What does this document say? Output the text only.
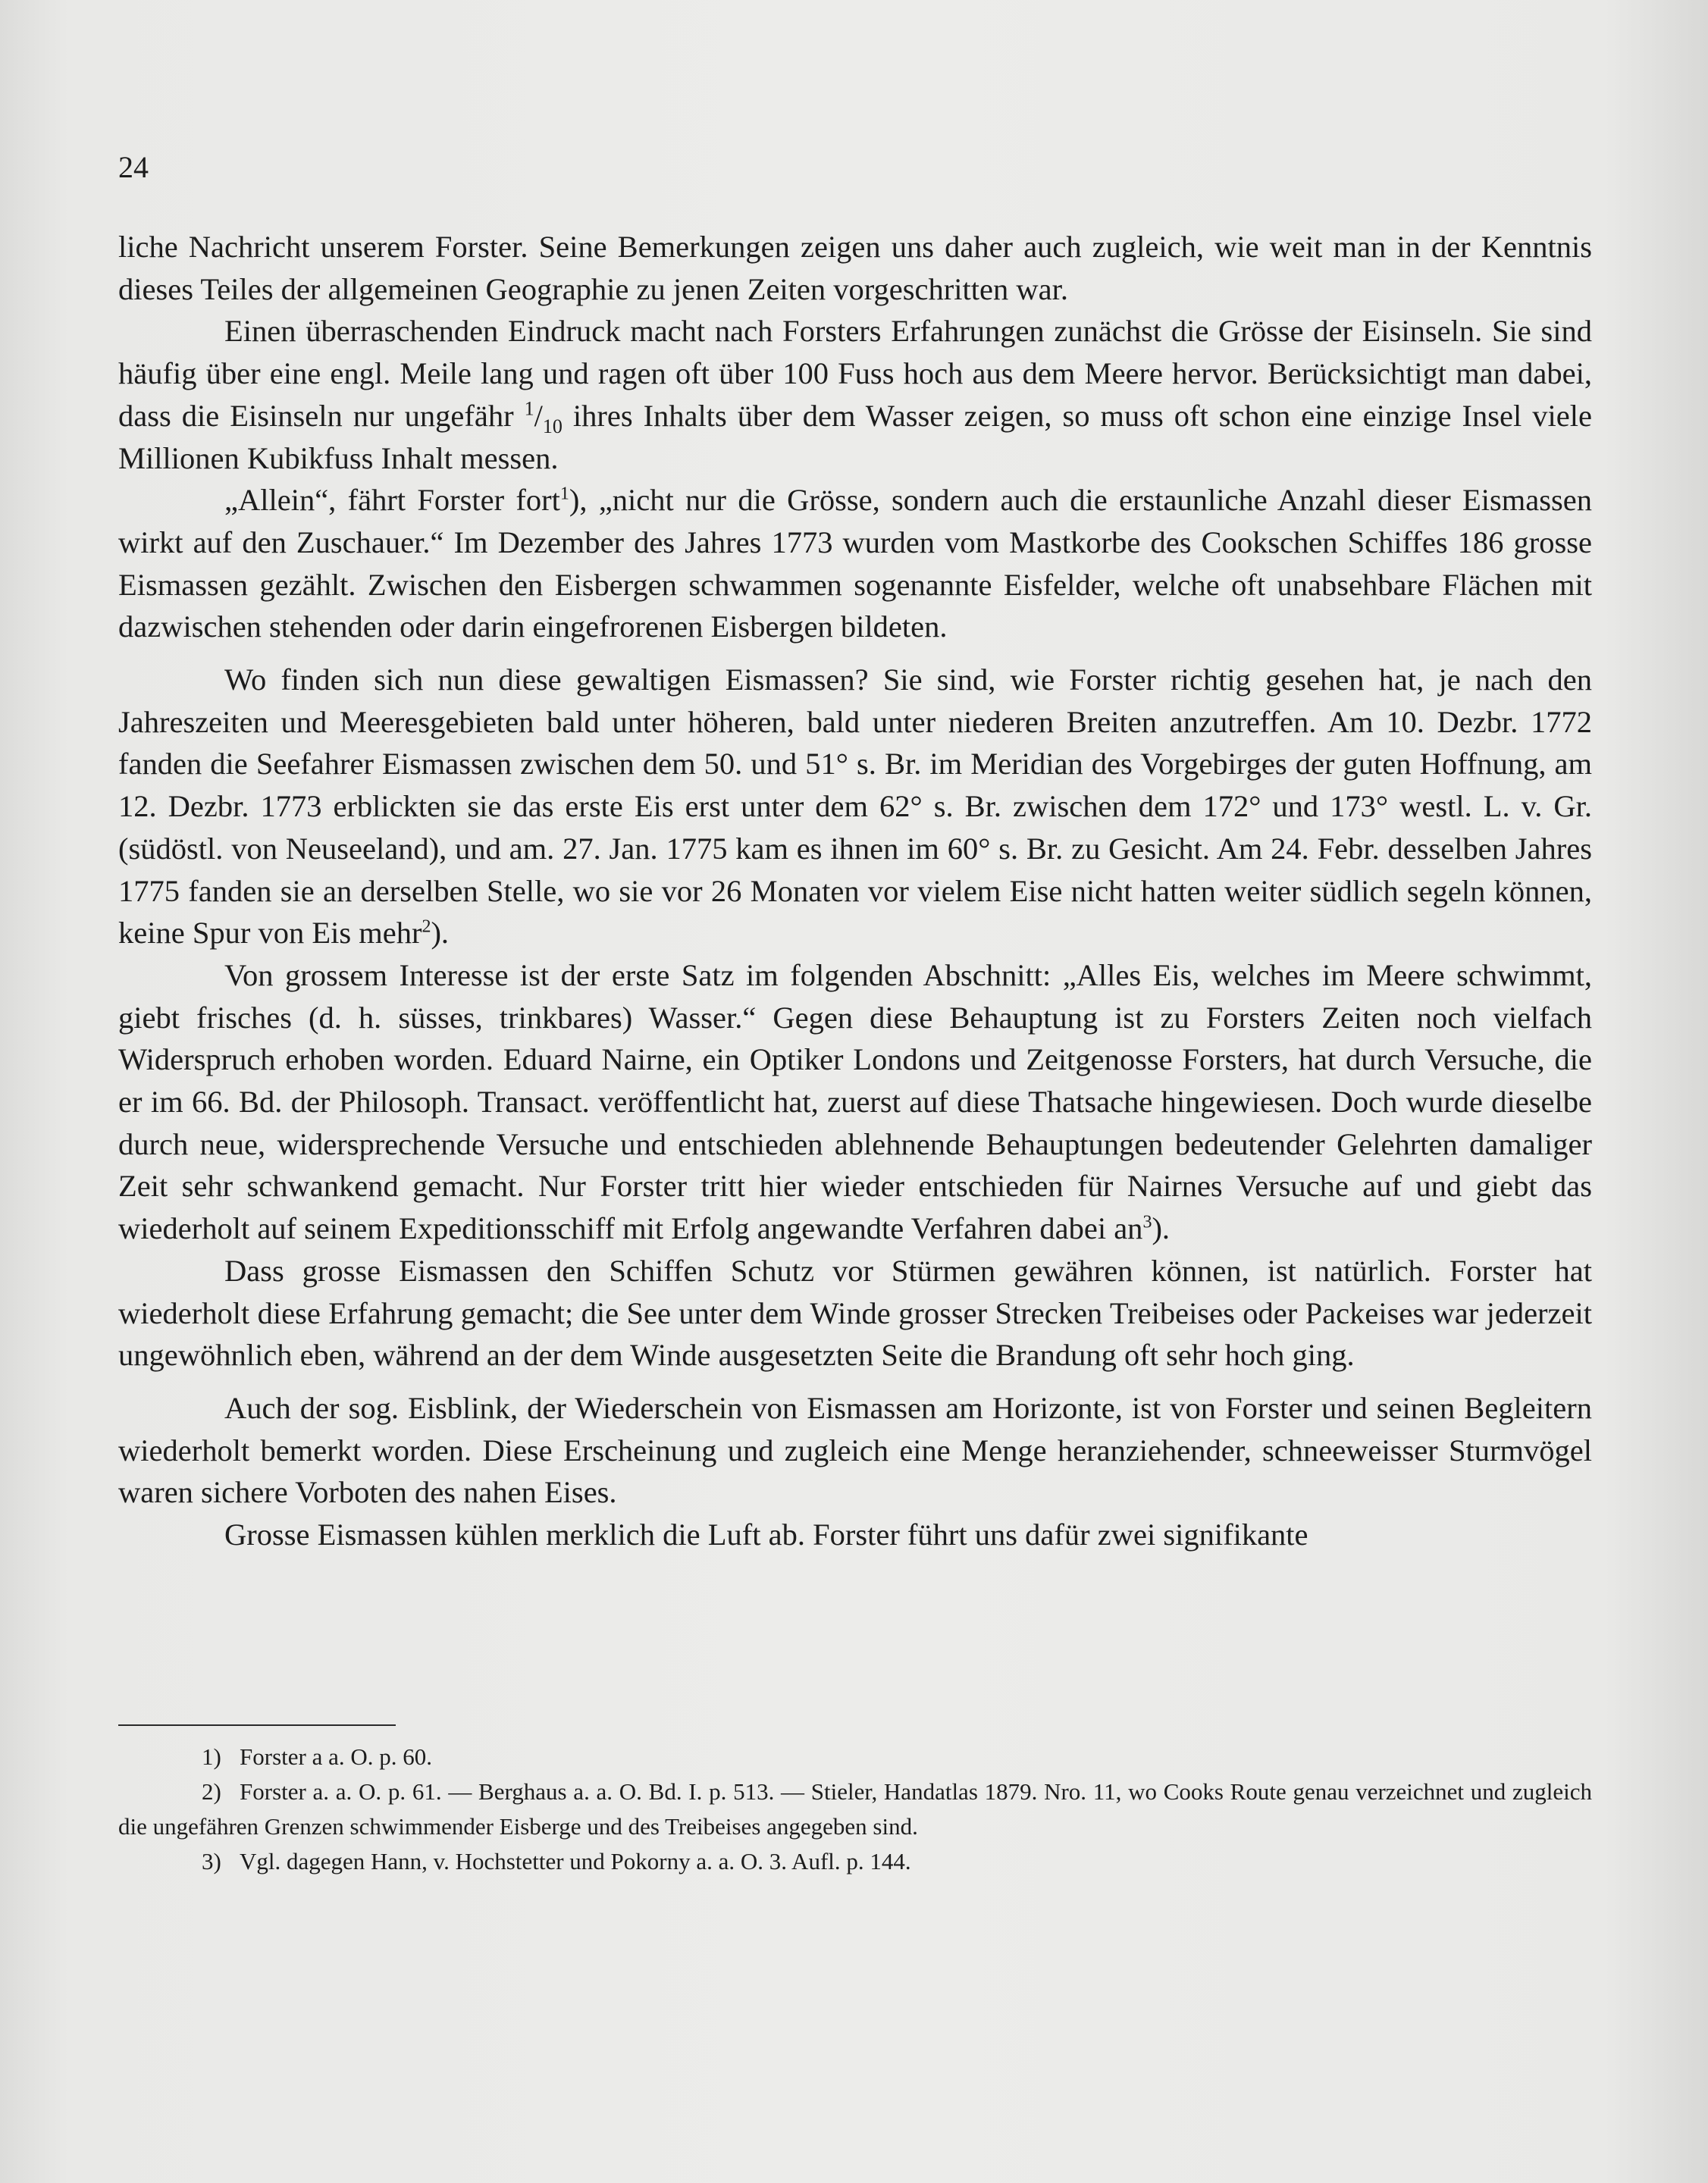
24

liche Nachricht unserem Forster. Seine Bemerkungen zeigen uns daher auch zugleich, wie weit man in der Kenntnis dieses Teiles der allgemeinen Geographie zu jenen Zeiten vorgeschritten war.

Einen überraschenden Eindruck macht nach Forsters Erfahrungen zunächst die Grösse der Eisinseln. Sie sind häufig über eine engl. Meile lang und ragen oft über 100 Fuss hoch aus dem Meere hervor. Berücksichtigt man dabei, dass die Eisinseln nur ungefähr $^1/_{10}$ ihres Inhalts über dem Wasser zeigen, so muss oft schon eine einzige Insel viele Millionen Kubikfuss Inhalt messen.

„Allein“, fährt Forster fort$^1$), „nicht nur die Grösse, sondern auch die erstaunliche Anzahl dieser Eismassen wirkt auf den Zuschauer.“ Im Dezember des Jahres 1773 wurden vom Mastkorbe des Cookschen Schiffes 186 grosse Eismassen gezählt. Zwischen den Eisbergen schwammen sogenannte Eisfelder, welche oft unabsehbare Flächen mit dazwischen stehenden oder darin eingefrorenen Eisbergen bildeten.

Wo finden sich nun diese gewaltigen Eismassen? Sie sind, wie Forster richtig gesehen hat, je nach den Jahreszeiten und Meeresgebieten bald unter höheren, bald unter niederen Breiten anzutreffen. Am 10. Dezbr. 1772 fanden die Seefahrer Eismassen zwischen dem 50. und 51° s. Br. im Meridian des Vorgebirges der guten Hoffnung, am 12. Dezbr. 1773 erblickten sie das erste Eis erst unter dem 62° s. Br. zwischen dem 172° und 173° westl. L. v. Gr. (südöstl. von Neuseeland), und am. 27. Jan. 1775 kam es ihnen im 60° s. Br. zu Gesicht. Am 24. Febr. desselben Jahres 1775 fanden sie an derselben Stelle, wo sie vor 26 Monaten vor vielem Eise nicht hatten weiter südlich segeln können, keine Spur von Eis mehr$^2$).

Von grossem Interesse ist der erste Satz im folgenden Abschnitt: „Alles Eis, welches im Meere schwimmt, giebt frisches (d. h. süsses, trinkbares) Wasser.“ Gegen diese Behauptung ist zu Forsters Zeiten noch vielfach Widerspruch erhoben worden. Eduard Nairne, ein Optiker Londons und Zeitgenosse Forsters, hat durch Versuche, die er im 66. Bd. der Philosoph. Transact. veröffentlicht hat, zuerst auf diese Thatsache hingewiesen. Doch wurde dieselbe durch neue, widersprechende Versuche und entschieden ablehnende Behauptungen bedeutender Gelehrten damaliger Zeit sehr schwankend gemacht. Nur Forster tritt hier wieder entschieden für Nairnes Versuche auf und giebt das wiederholt auf seinem Expeditionsschiff mit Erfolg angewandte Verfahren dabei $an^3$).

Dass grosse Eismassen den Schiffen Schutz vor Stürmen gewähren können, ist natürlich. Forster hat wiederholt diese Erfahrung gemacht; die See unter dem Winde grosser Strecken Treibeises oder Packeises war jederzeit ungewöhnlich eben, während an der dem Winde ausgesetzten Seite die Brandung oft sehr hoch ging.

Auch der sog. Eisblink, der Wiederschein von Eismassen am Horizonte, ist von Forster und seinen Begleitern wiederholt bemerkt worden. Diese Erscheinung und zugleich eine Menge heranziehender, schneeweisser Sturmvögel waren sichere Vorboten des nahen Eises.

Grosse Eismassen kühlen merklich die Luft ab. Forster führt uns dafür zwei signifikante

1) Forster a a. O. p. 60.

2) Forster a. a. O. p. 61. — Berghaus a. a. O. Bd. I. p. 513. — Stieler, Handatlas 1879. Nro. 11, wo Cooks Route genau verzeichnet und zugleich die ungefähren Grenzen schwimmender Eisberge und des Treibeises angegeben sind.

3) Vgl. dagegen Hann, v. Hochstetter und Pokorny a. a. O. 3. Aufl. p. 144.
